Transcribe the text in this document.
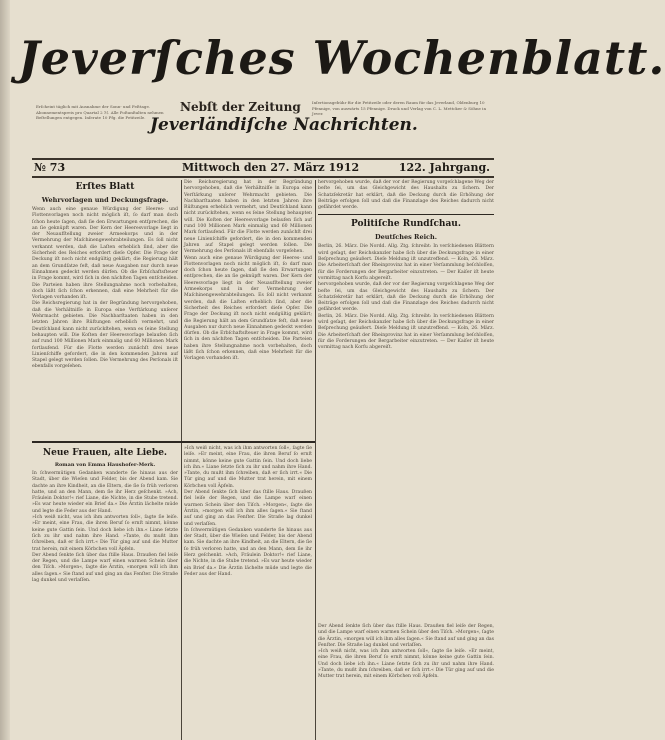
Jeverſches Wochenblatt.
Erſcheint täglich mit Ausnahme der Sonn- und Feſttage. Abonnementspreis pro Quartal 2 ℳ. Alle Poſtanſtalten nehmen Beſtellungen entgegen. Inſerate 10 Pfg. die Petitzeile.
Nebſt der Zeitung
Jeverländiſche Nachrichten.
Inſertionsgebühr für die Petitzeile oder deren Raum für das Jeverland, Oldenburg 10 Pfennige, von auswärts 15 Pfennige. Druck und Verlag von C. L. Mettcker & Söhne in Jever.
№ 73	Mittwoch den 27. März 1912	122. Jahrgang.
Erſtes Blatt
Wehrvorlagen und Deckungsfrage.
Wenn auch eine genaue Würdigung der Heeres- und Flottenvorlagen noch nicht möglich iſt, ſo darf man doch ſchon heute ſagen, daß ſie den Erwartungen entſprechen, die an ſie geknüpft waren. Der Kern der Heeresvorlage liegt in der Neuaufſtellung zweier Armeekorps und in der Vermehrung der Maſchinengewehrabteilungen. Es ſoll nicht verkannt werden, daß die Laſten erheblich ſind, aber die Sicherheit des Reiches erfordert dieſe Opfer. Die Frage der Deckung iſt noch nicht endgültig geklärt; die Regierung hält an dem Grundſatze feſt, daß neue Ausgaben nur durch neue Einnahmen gedeckt werden dürfen. Ob die Erbſchaftsſteuer in Frage kommt, wird ſich in den nächſten Tagen entſcheiden. Die Parteien haben ihre Stellungnahme noch vorbehalten, doch läßt ſich ſchon erkennen, daß eine Mehrheit für die Vorlagen vorhanden iſt.
Die Reichsregierung hat in der Begründung hervorgehoben, daß die Verhältniſſe in Europa eine Verſtärkung unſerer Wehrmacht gebieten. Die Nachbarſtaaten haben in den letzten Jahren ihre Rüſtungen erheblich vermehrt, und Deutſchland kann nicht zurückſtehen, wenn es ſeine Stellung behaupten will. Die Koſten der Heeresvorlage belaufen ſich auf rund 100 Millionen Mark einmalig und 60 Millionen Mark fortlaufend. Für die Flotte werden zunächſt drei neue Linienſchiffe gefordert, die in den kommenden Jahren auf Stapel gelegt werden ſollen. Die Vermehrung des Perſonals iſt ebenfalls vorgeſehen.
Die Reichsregierung hat in der Begründung hervorgehoben, daß die Verhältniſſe in Europa eine Verſtärkung unſerer Wehrmacht gebieten. Die Nachbarſtaaten haben in den letzten Jahren ihre Rüſtungen erheblich vermehrt, und Deutſchland kann nicht zurückſtehen, wenn es ſeine Stellung behaupten will. Die Koſten der Heeresvorlage belaufen ſich auf rund 100 Millionen Mark einmalig und 60 Millionen Mark fortlaufend. Für die Flotte werden zunächſt drei neue Linienſchiffe gefordert, die in den kommenden Jahren auf Stapel gelegt werden ſollen. Die Vermehrung des Perſonals iſt ebenfalls vorgeſehen.
Wenn auch eine genaue Würdigung der Heeres- und Flottenvorlagen noch nicht möglich iſt, ſo darf man doch ſchon heute ſagen, daß ſie den Erwartungen entſprechen, die an ſie geknüpft waren. Der Kern der Heeresvorlage liegt in der Neuaufſtellung zweier Armeekorps und in der Vermehrung der Maſchinengewehrabteilungen. Es ſoll nicht verkannt werden, daß die Laſten erheblich ſind, aber die Sicherheit des Reiches erfordert dieſe Opfer. Die Frage der Deckung iſt noch nicht endgültig geklärt; die Regierung hält an dem Grundſatze feſt, daß neue Ausgaben nur durch neue Einnahmen gedeckt werden dürfen. Ob die Erbſchaftsſteuer in Frage kommt, wird ſich in den nächſten Tagen entſcheiden. Die Parteien haben ihre Stellungnahme noch vorbehalten, doch läßt ſich ſchon erkennen, daß eine Mehrheit für die Vorlagen vorhanden iſt.
hervorgehoben wurde, daß der vor der Regierung vorgeſchlagene Weg der beſte ſei, um das Gleichgewicht des Haushalts zu ſichern. Der Schatzſekretär hat erklärt, daß die Deckung durch die Erhöhung der Beiträge erfolgen ſoll und daß die Finanzlage des Reiches dadurch nicht gefährdet werde.
Politiſche Rundſchau.
Deutſches Reich.
Berlin, 26. März. Die Nordd. Allg. Ztg. ſchreibt: In verſchiedenen Blättern wird geſagt, der Reichskanzler habe ſich über die Deckungsfrage in einer Beſprechung geäußert. Dieſe Meldung iſt unzutreffend. — Koln, 26. März. Die Arbeiterſchaft der Rheinprovinz hat in einer Verſammlung beſchloſſen, für die Forderungen der Bergarbeiter einzutreten. — Der Kaiſer iſt heute vormittag nach Korfu abgereiſt.
hervorgehoben wurde, daß der vor der Regierung vorgeſchlagene Weg der beſte ſei, um das Gleichgewicht des Haushalts zu ſichern. Der Schatzſekretär hat erklärt, daß die Deckung durch die Erhöhung der Beiträge erfolgen ſoll und daß die Finanzlage des Reiches dadurch nicht gefährdet werde.
Berlin, 26. März. Die Nordd. Allg. Ztg. ſchreibt: In verſchiedenen Blättern wird geſagt, der Reichskanzler habe ſich über die Deckungsfrage in einer Beſprechung geäußert. Dieſe Meldung iſt unzutreffend. — Koln, 26. März. Die Arbeiterſchaft der Rheinprovinz hat in einer Verſammlung beſchloſſen, für die Forderungen der Bergarbeiter einzutreten. — Der Kaiſer iſt heute vormittag nach Korfu abgereiſt.
Neue Frauen, alte Liebe.
Roman von Emma Haushofer-Merk.
In ſchwermütigen Gedanken wanderte ſie hinaus aus der Stadt, über die Wieſen und Felder, bis der Abend kam. Sie dachte an ihre Kindheit, an die Eltern, die ſie ſo früh verloren hatte, und an den Mann, dem ſie ihr Herz geſchenkt. »Ach, Fräulein Doktor!« rief Liane, die Nichte, in die Stube tretend. »Es war heute wieder ein Brief da.« Die Ärztin lächelte müde und legte die Feder aus der Hand.
»Ich weiß nicht, was ich ihm antworten ſoll«, ſagte ſie leiſe. »Er meint, eine Frau, die ihren Beruf ſo ernſt nimmt, könne keine gute Gattin ſein. Und doch liebe ich ihn.« Liane ſetzte ſich zu ihr und nahm ihre Hand. »Tante, du mußt ihm ſchreiben, daß er ſich irrt.« Die Tür ging auf und die Mutter trat herein, mit einem Körbchen voll Äpfeln.
Der Abend ſenkte ſich über das ſtille Haus. Draußen fiel leiſe der Regen, und die Lampe warf einen warmen Schein über den Tiſch. »Morgen«, ſagte die Ärztin, »morgen will ich ihm alles ſagen.« Sie ſtand auf und ging an das Fenſter. Die Straße lag dunkel und verlaſſen.
»Ich weiß nicht, was ich ihm antworten ſoll«, ſagte ſie leiſe. »Er meint, eine Frau, die ihren Beruf ſo ernſt nimmt, könne keine gute Gattin ſein. Und doch liebe ich ihn.« Liane ſetzte ſich zu ihr und nahm ihre Hand. »Tante, du mußt ihm ſchreiben, daß er ſich irrt.« Die Tür ging auf und die Mutter trat herein, mit einem Körbchen voll Äpfeln.
Der Abend ſenkte ſich über das ſtille Haus. Draußen fiel leiſe der Regen, und die Lampe warf einen warmen Schein über den Tiſch. »Morgen«, ſagte die Ärztin, »morgen will ich ihm alles ſagen.« Sie ſtand auf und ging an das Fenſter. Die Straße lag dunkel und verlaſſen.
In ſchwermütigen Gedanken wanderte ſie hinaus aus der Stadt, über die Wieſen und Felder, bis der Abend kam. Sie dachte an ihre Kindheit, an die Eltern, die ſie ſo früh verloren hatte, und an den Mann, dem ſie ihr Herz geſchenkt. »Ach, Fräulein Doktor!« rief Liane, die Nichte, in die Stube tretend. »Es war heute wieder ein Brief da.« Die Ärztin lächelte müde und legte die Feder aus der Hand.
Der Abend ſenkte ſich über das ſtille Haus. Draußen fiel leiſe der Regen, und die Lampe warf einen warmen Schein über den Tiſch. »Morgen«, ſagte die Ärztin, »morgen will ich ihm alles ſagen.« Sie ſtand auf und ging an das Fenſter. Die Straße lag dunkel und verlaſſen.
»Ich weiß nicht, was ich ihm antworten ſoll«, ſagte ſie leiſe. »Er meint, eine Frau, die ihren Beruf ſo ernſt nimmt, könne keine gute Gattin ſein. Und doch liebe ich ihn.« Liane ſetzte ſich zu ihr und nahm ihre Hand. »Tante, du mußt ihm ſchreiben, daß er ſich irrt.« Die Tür ging auf und die Mutter trat herein, mit einem Körbchen voll Äpfeln.
